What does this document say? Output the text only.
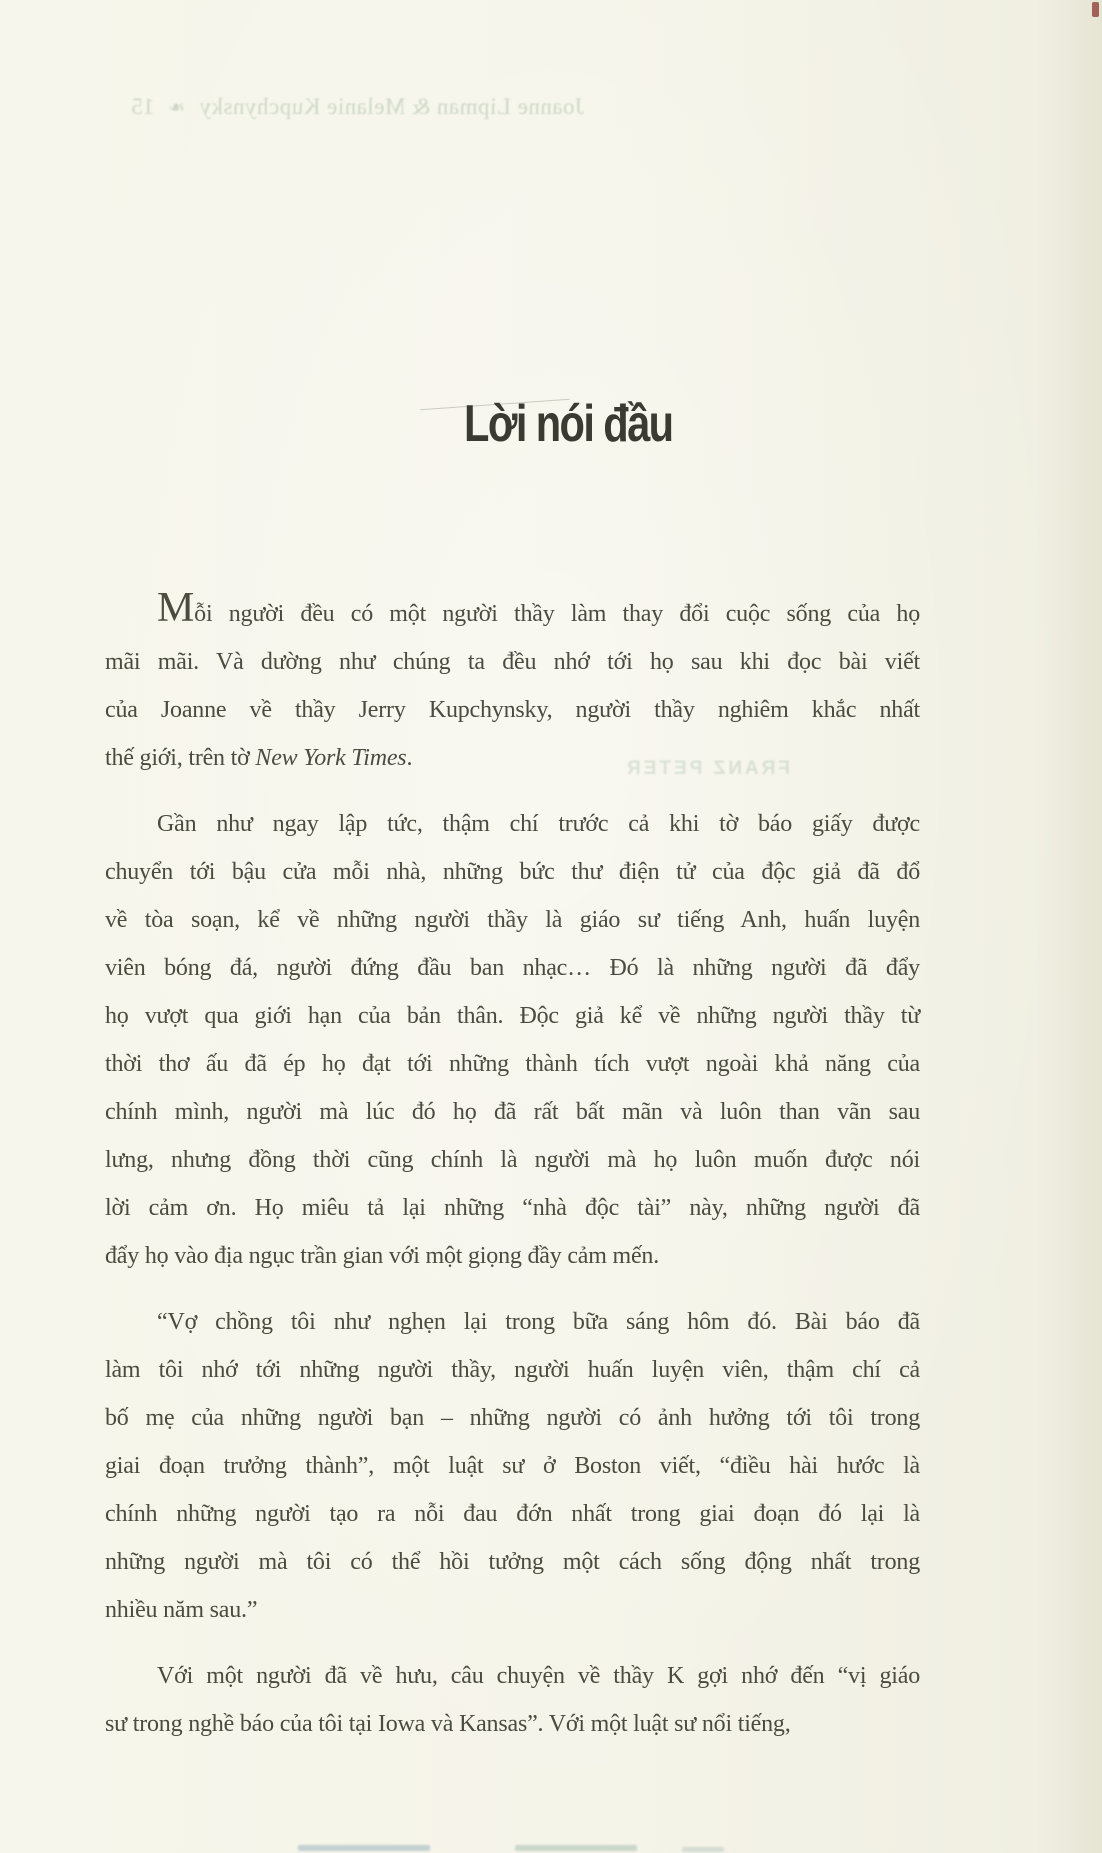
Joanne Lipman & Melanie Kupchynsky
❧
15
FRANZ PETER
Lời nói đầu
Mỗi người đều có một người thầy làm thay đổi cuộc sống của họ
mãi mãi. Và dường như chúng ta đều nhớ tới họ sau khi đọc bài viết
của Joanne về thầy Jerry Kupchynsky, người thầy nghiêm khắc nhất
thế giới, trên tờ New York Times.
Gần như ngay lập tức, thậm chí trước cả khi tờ báo giấy được
chuyển tới bậu cửa mỗi nhà, những bức thư điện tử của độc giả đã đổ
về tòa soạn, kể về những người thầy là giáo sư tiếng Anh, huấn luyện
viên bóng đá, người đứng đầu ban nhạc… Đó là những người đã đẩy
họ vượt qua giới hạn của bản thân. Độc giả kể về những người thầy từ
thời thơ ấu đã ép họ đạt tới những thành tích vượt ngoài khả năng của
chính mình, người mà lúc đó họ đã rất bất mãn và luôn than vãn sau
lưng, nhưng đồng thời cũng chính là người mà họ luôn muốn được nói
lời cảm ơn. Họ miêu tả lại những “nhà độc tài” này, những người đã
đẩy họ vào địa ngục trần gian với một giọng đầy cảm mến.
“Vợ chồng tôi như nghẹn lại trong bữa sáng hôm đó. Bài báo đã
làm tôi nhớ tới những người thầy, người huấn luyện viên, thậm chí cả
bố mẹ của những người bạn – những người có ảnh hưởng tới tôi trong
giai đoạn trưởng thành”, một luật sư ở Boston viết, “điều hài hước là
chính những người tạo ra nỗi đau đớn nhất trong giai đoạn đó lại là
những người mà tôi có thể hồi tưởng một cách sống động nhất trong
nhiều năm sau.”
Với một người đã về hưu, câu chuyện về thầy K gợi nhớ đến “vị giáo
sư trong nghề báo của tôi tại Iowa và Kansas”. Với một luật sư nổi tiếng,
